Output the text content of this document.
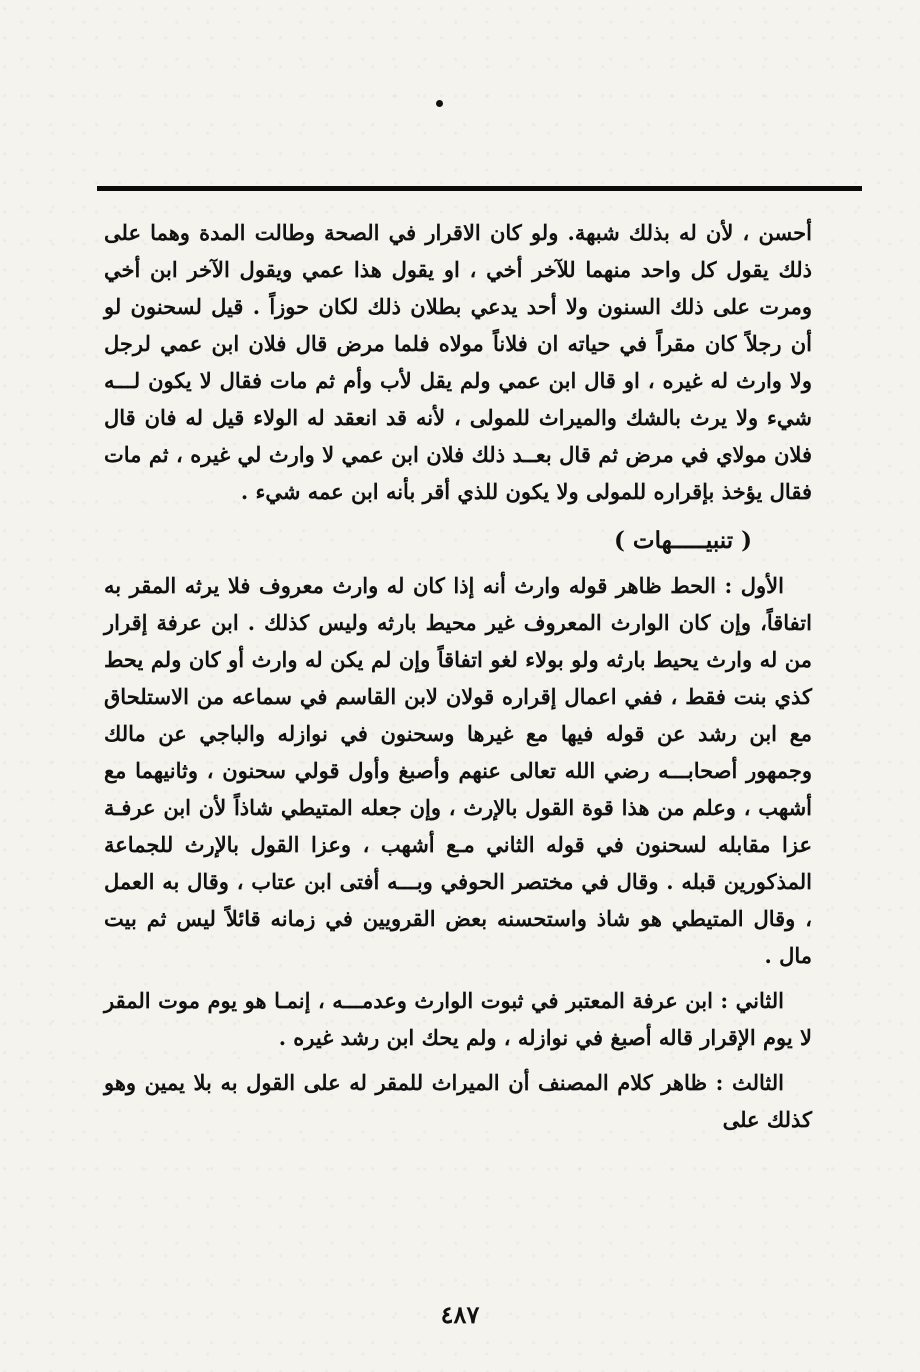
أحسن ، لأن له بذلك شبهة. ولو كان الاقرار في الصحة وطالت المدة وهما على ذلك يقول كل واحد منهما للآخر أخي ، او يقول هذا عمي ويقول الآخر ابن أخي ومرت على ذلك السنون ولا أحد يدعي بطلان ذلك لكان حوزاً . قيل لسحنون لو أن رجلاً كان مقراً في حياته ان فلاناً مولاه فلما مرض قال فلان ابن عمي لرجل ولا وارث له غيره ، او قال ابن عمي ولم يقل لأب وأم ثم مات فقال لا يكون لـــه شيء ولا يرث بالشك والميراث للمولى ، لأنه قد انعقد له الولاء قيل له فان قال فلان مولاي في مرض ثم قال بعــد ذلك فلان ابن عمي لا وارث لي غيره ، ثم مات فقال يؤخذ بإقراره للمولى ولا يكون للذي أقر بأنه ابن عمه شيء .

( تنبيـــــهات )

الأول : الحط ظاهر قوله وارث أنه إذا كان له وارث معروف فلا يرثه المقر به اتفاقاً، وإن كان الوارث المعروف غير محيط بارثه وليس كذلك . ابن عرفة إقرار من له وارث يحيط بارثه ولو بولاء لغو اتفاقاً وإن لم يكن له وارث أو كان ولم يحط كذي بنت فقط ، ففي اعمال إقراره قولان لابن القاسم في سماعه من الاستلحاق مع ابن رشد عن قوله فيها مع غيرها وسحنون في نوازله والباجي عن مالك وجمهور أصحابـــه رضي الله تعالى عنهم وأصبغ وأول قولي سحنون ، وثانيهما مع أشهب ، وعلم من هذا قوة القول بالإرث ، وإن جعله المتيطي شاذاً لأن ابن عرفـة عزا مقابله لسحنون في قوله الثاني مـع أشهب ، وعزا القول بالإرث للجماعة المذكورين قبله . وقال في مختصر الحوفي وبـــه أفتى ابن عتاب ، وقال به العمل ، وقال المتيطي هو شاذ واستحسنه بعض القرويين في زمانه قائلاً ليس ثم بيت مال .

الثاني : ابن عرفة المعتبر في ثبوت الوارث وعدمـــه ، إنمـا هو يوم موت المقر لا يوم الإقرار قاله أصبغ في نوازله ، ولم يحك ابن رشد غيره .

الثالث : ظاهر كلام المصنف أن الميراث للمقر له على القول به بلا يمين وهو كذلك على

٤٨٧
